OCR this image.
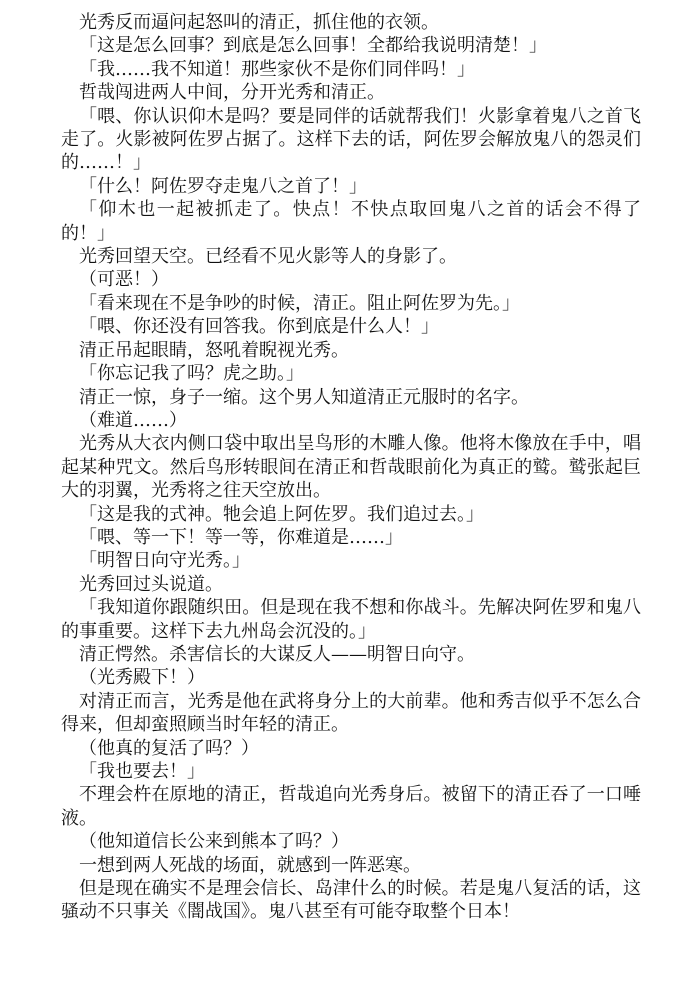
光秀反而逼问起怒叫的清正，抓住他的衣领。

「这是怎么回事？到底是怎么回事！全都给我说明清楚！」

「我……我不知道！那些家伙不是你们同伴吗！」

哲哉闯进两人中间，分开光秀和清正。

「喂、你认识仰木是吗？要是同伴的话就帮我们！火影拿着鬼八之首飞走了。火影被阿佐罗占据了。这样下去的话，阿佐罗会解放鬼八的怨灵们的……！」

「什么！阿佐罗夺走鬼八之首了！」

「仰木也一起被抓走了。快点！不快点取回鬼八之首的话会不得了的！」

光秀回望天空。已经看不见火影等人的身影了。

（可恶！）

「看来现在不是争吵的时候，清正。阻止阿佐罗为先。」

「喂、你还没有回答我。你到底是什么人！」

清正吊起眼睛，怒吼着睨视光秀。

「你忘记我了吗？虎之助。」

清正一惊，身子一缩。这个男人知道清正元服时的名字。

（难道……）

光秀从大衣内侧口袋中取出呈鸟形的木雕人像。他将木像放在手中，唱起某种咒文。然后鸟形转眼间在清正和哲哉眼前化为真正的鹫。鹫张起巨大的羽翼，光秀将之往天空放出。

「这是我的式神。牠会追上阿佐罗。我们追过去。」

「喂、等一下！等一等，你难道是……」

「明智日向守光秀。」

光秀回过头说道。

「我知道你跟随织田。但是现在我不想和你战斗。先解决阿佐罗和鬼八的事重要。这样下去九州岛会沉没的。」

清正愕然。杀害信长的大谋反人——明智日向守。

（光秀殿下！）

对清正而言，光秀是他在武将身分上的大前辈。他和秀吉似乎不怎么合得来，但却蛮照顾当时年轻的清正。

（他真的复活了吗？）

「我也要去！」

不理会杵在原地的清正，哲哉追向光秀身后。被留下的清正吞了一口唾液。

（他知道信长公来到熊本了吗？）

一想到两人死战的场面，就感到一阵恶寒。

但是现在确实不是理会信长、岛津什么的时候。若是鬼八复活的话，这骚动不只事关《闇战国》。鬼八甚至有可能夺取整个日本！
